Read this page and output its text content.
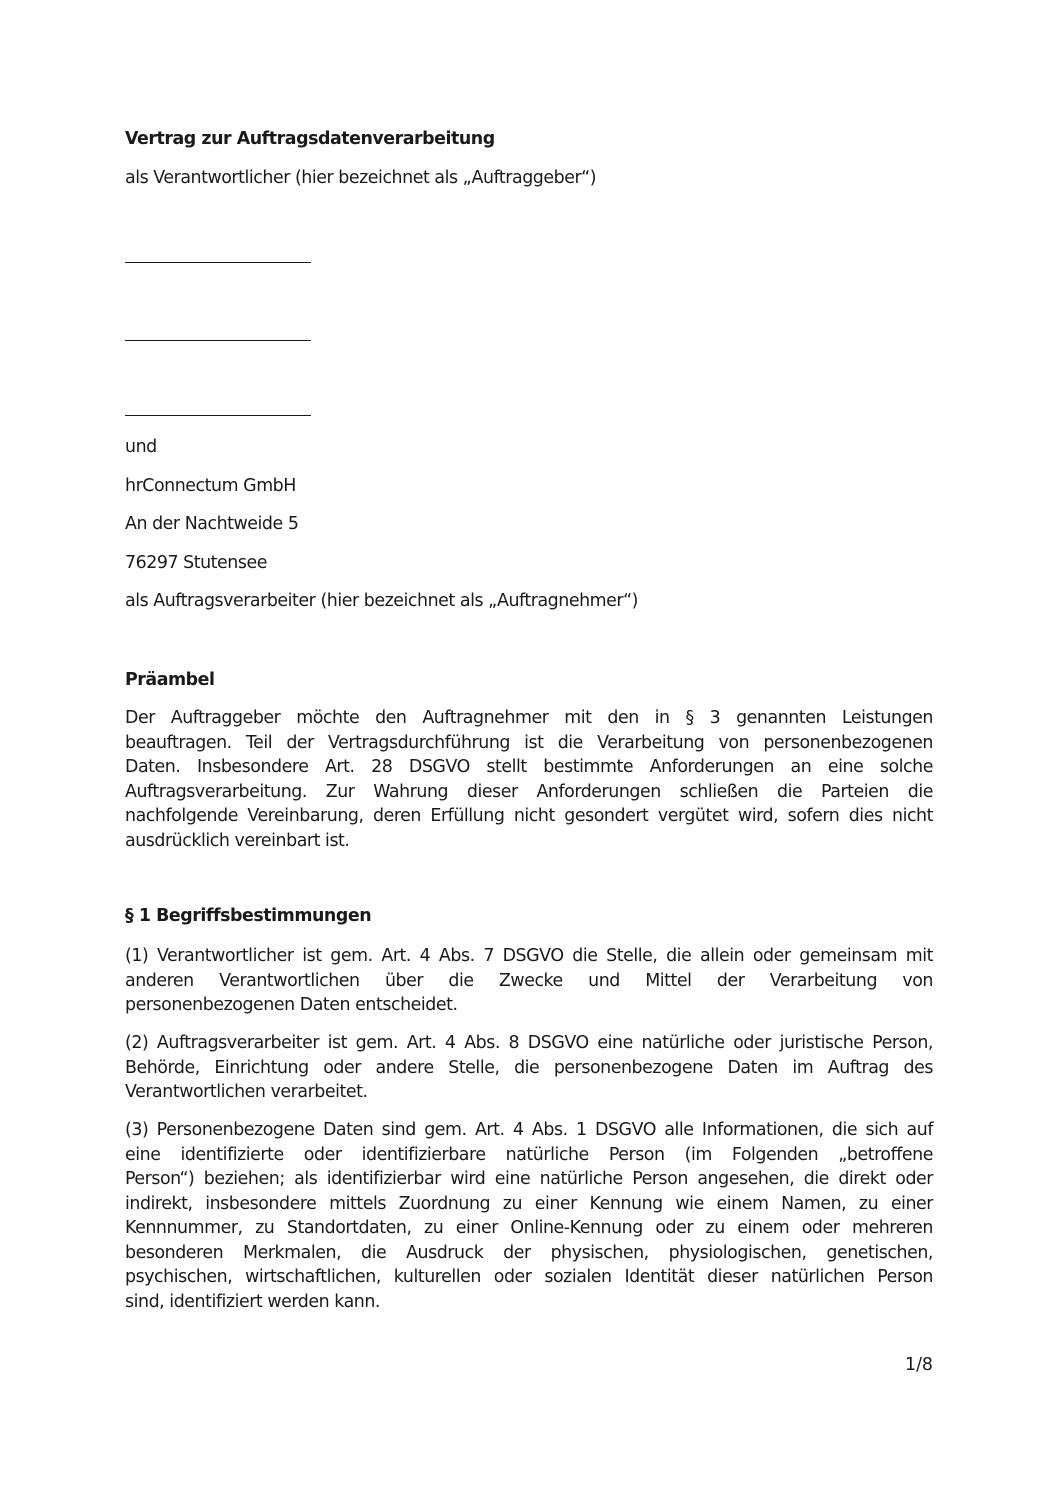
Vertrag zur Auftragsdatenverarbeitung

als Verantwortlicher (hier bezeichnet als „Auftraggeber“)

und

hrConnectum GmbH

An der Nachtweide 5

76297 Stutensee

als Auftragsverarbeiter (hier bezeichnet als „Auftragnehmer“)

Präambel

Der Auftraggeber möchte den Auftragnehmer mit den in § 3 genannten Leistungen
beauftragen. Teil der Vertragsdurchführung ist die Verarbeitung von personenbezogenen
Daten. Insbesondere Art. 28 DSGVO stellt bestimmte Anforderungen an eine solche
Auftragsverarbeitung. Zur Wahrung dieser Anforderungen schließen die Parteien die
nachfolgende Vereinbarung, deren Erfüllung nicht gesondert vergütet wird, sofern dies nicht
ausdrücklich vereinbart ist.

§ 1 Begriffsbestimmungen

(1) Verantwortlicher ist gem. Art. 4 Abs. 7 DSGVO die Stelle, die allein oder gemeinsam mit
anderen Verantwortlichen über die Zwecke und Mittel der Verarbeitung von
personenbezogenen Daten entscheidet.
(2) Auftragsverarbeiter ist gem. Art. 4 Abs. 8 DSGVO eine natürliche oder juristische Person,
Behörde, Einrichtung oder andere Stelle, die personenbezogene Daten im Auftrag des
Verantwortlichen verarbeitet.
(3) Personenbezogene Daten sind gem. Art. 4 Abs. 1 DSGVO alle Informationen, die sich auf
eine identifizierte oder identifizierbare natürliche Person (im Folgenden „betroffene
Person“) beziehen; als identifizierbar wird eine natürliche Person angesehen, die direkt oder
indirekt, insbesondere mittels Zuordnung zu einer Kennung wie einem Namen, zu einer
Kennnummer, zu Standortdaten, zu einer Online-Kennung oder zu einem oder mehreren
besonderen Merkmalen, die Ausdruck der physischen, physiologischen, genetischen,
psychischen, wirtschaftlichen, kulturellen oder sozialen Identität dieser natürlichen Person
sind, identifiziert werden kann.
1/8
